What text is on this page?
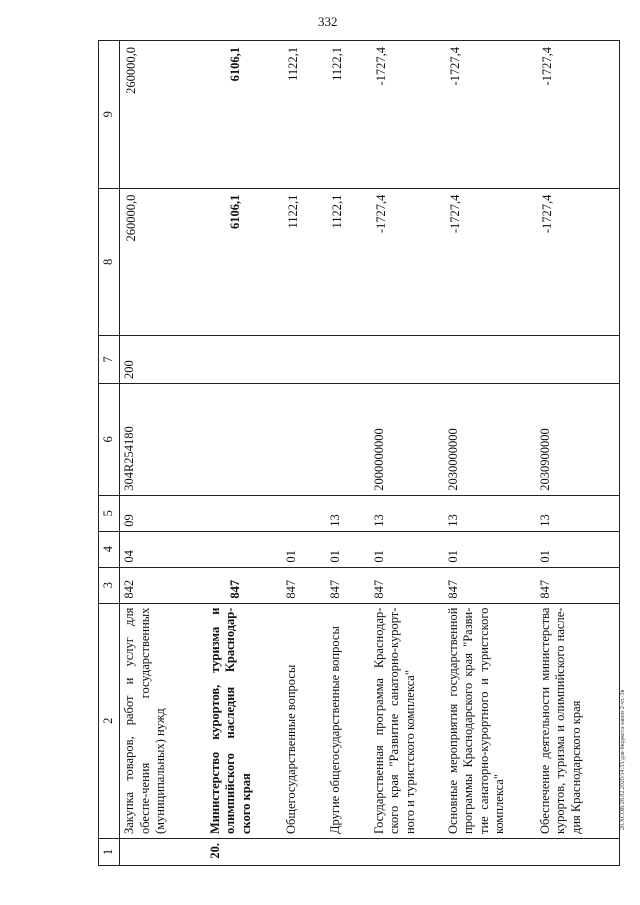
332
1	2	3	4	5	6	7	8	9
	Закупка товаров, работ и услуг для обеспе-чения государственных (муниципальных) нужд	842	04	09	304R254180	200	260000,0	260000,0
20.	Министерство курортов, туризма и олимпийского наследия Краснодар-ского края	847					6106,1	6106,1
	Общегосударственные вопросы	847	01				1122,1	1122,1
	Другие общегосударственные вопросы	847	01	13			1122,1	1122,1
	Государственная программа Краснодар-ского края "Развитие санаторно-курорт-ного и туристского комплекса"	847	01	13	2000000000		-1727,4	-1727,4
	Основные мероприятия государственной программы Краснодарского края "Разви-тие санаторно-курортного и туристского комплекса"	847	01	13	2030000000		-1727,4	-1727,4
	Обеспечение деятельности министерства курортов, туризма и олимпийского насле-дия Краснодарского края	847	01	13	2030900000		-1727,4	-1727,4
20.XCOB/28.02.2020/14:33/для-бюджета-закон-2-чт.-3в
